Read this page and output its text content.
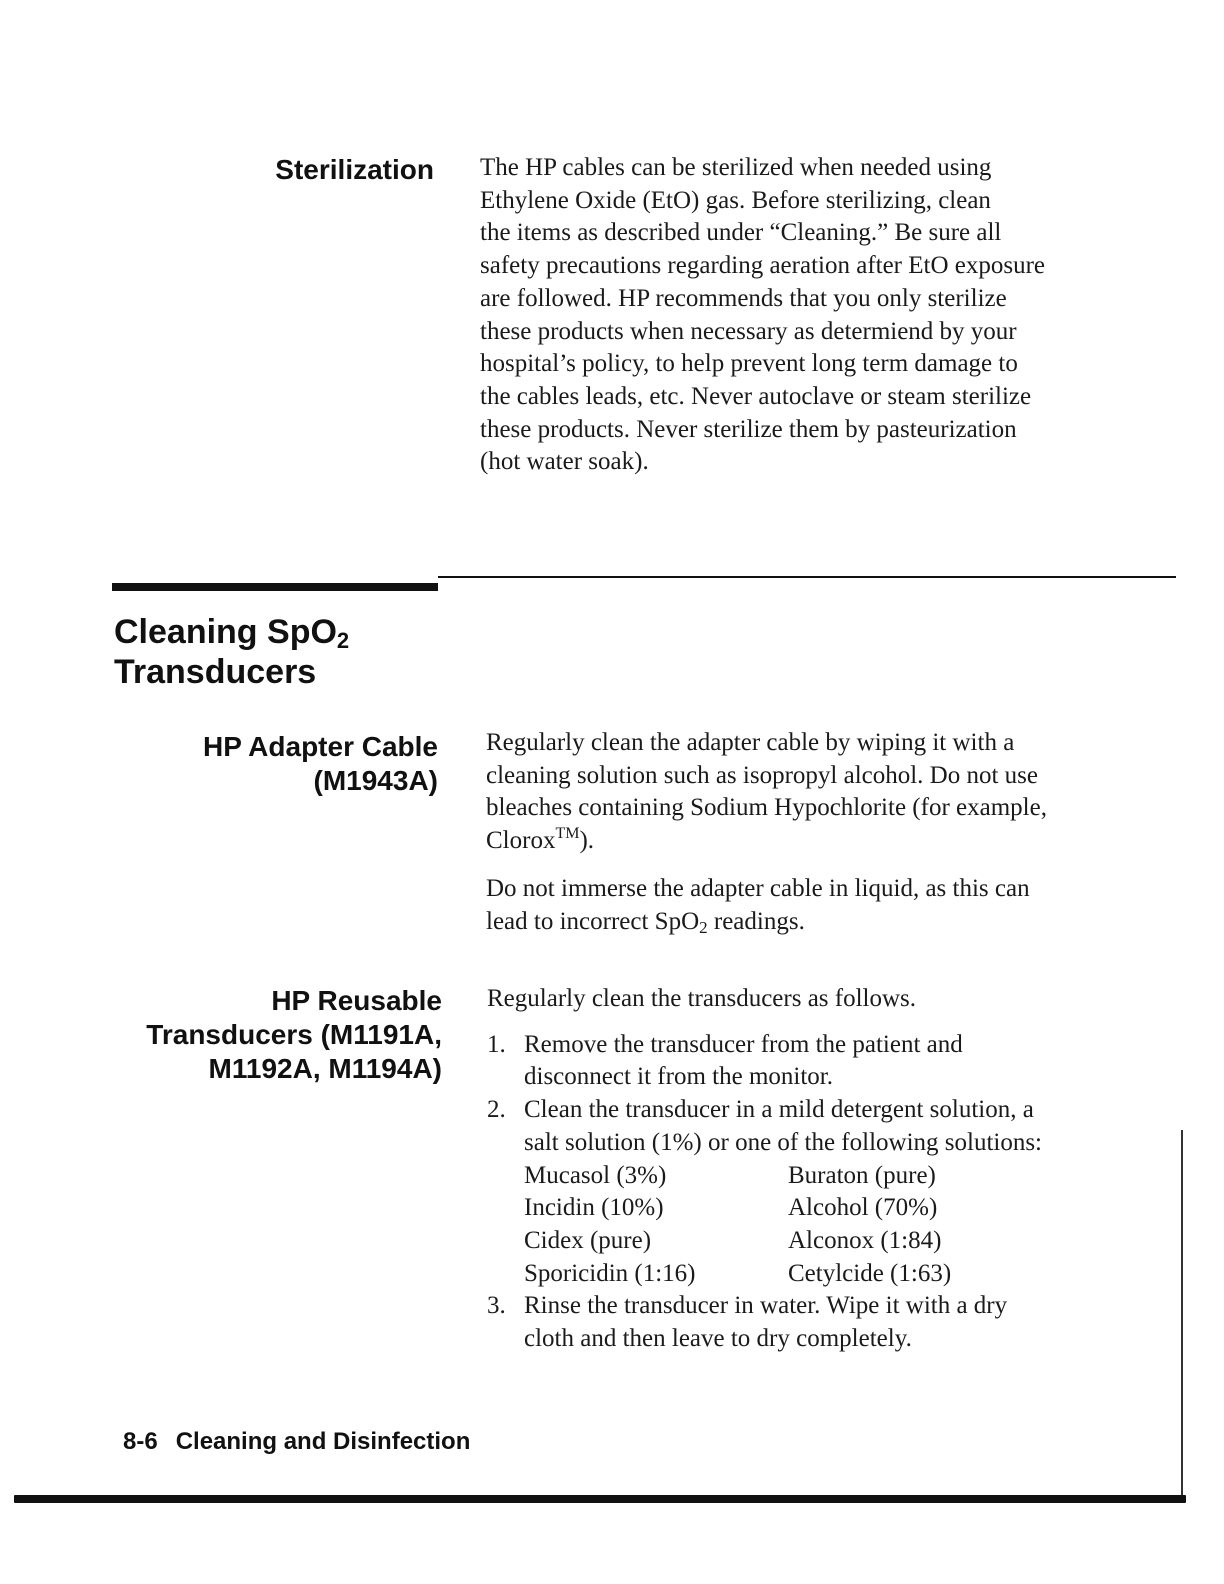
Sterilization The HP cables can be sterilized when needed using
Ethylene Oxide (EtO) gas. Before sterilizing, clean
the items as described under “Cleaning.” Be sure all
safety precautions regarding aeration after EtO exposure
are followed. HP recommends that you only sterilize
these products when necessary as determiend by your
hospital’s policy, to help prevent long term damage to
the cables leads, etc. Never autoclave or steam sterilize
these products. Never sterilize them by pasteurization
(hot water soak).
Cleaning SpO$_2$
Transducers
HP Adapter Cable
(M1943A)

Regularly clean the adapter cable by wiping it with a
cleaning solution such as isopropyl alcohol. Do not use
bleaches containing Sodium Hypochlorite (for example,
Clorox™).

Do not immerse the adapter cable in liquid, as this can
lead to incorrect SpO$_2$ readings.

HP Reusable
Transducers (M1191A,
M1192A, M1194A)

Regularly clean the transducers as follows.

1. Remove the transducer from the patient and
disconnect it from the monitor.
2. Clean the transducer in a mild detergent solution, a
salt solution (1%) or one of the following solutions:
Mucasol (3%)	Buraton (pure)
Incidin (10%)	Alcohol (70%)
Cidex (pure)	Alconox (1:84)
Sporicidin (1:16)	Cetylcide (1:63)
3. Rinse the transducer in water. Wipe it with a dry
cloth and then leave to dry completely.
8-6 Cleaning and Disinfection
